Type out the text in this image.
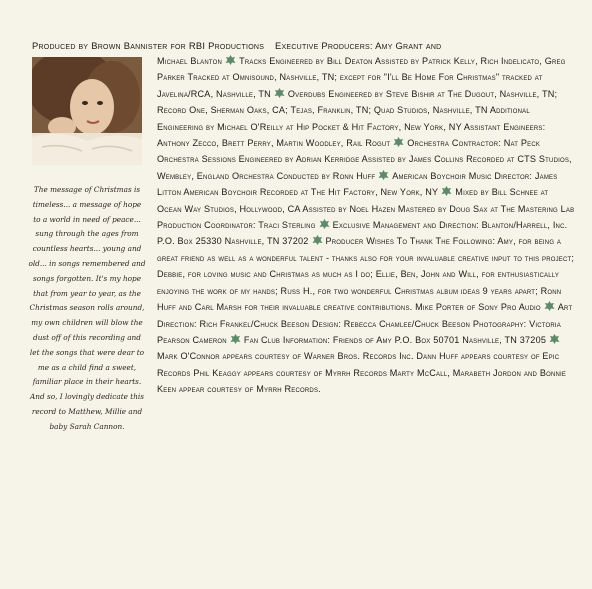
Produced by Brown Bannister for RBI Productions Executive Producers: Amy Grant and
The message of Christmas is timeless... a message of hope to a world in need of peace... sung through the ages from countless hearts... young and old... in songs remembered and songs forgotten. It's my hope that from year to year, as the Christmas season rolls around, my own children will blow the dust off of this recording and let the songs that were dear to me as a child find a sweet, familiar place in their hearts. And so, I lovingly dedicate this record to Matthew, Millie and baby Sarah Cannon.
Michael Blanton Tracks Engineered by Bill Deaton Assisted by Patrick Kelly, Rich Indelicato, Greg Parker Tracked at Omnisound, Nashville, TN; except for "I'll Be Home For Christmas" tracked at Javelina/RCA, Nashville, TN Overdubs Engineered by Steve Bishir at The Dugout, Nashville, TN; Record One, Sherman Oaks, CA; Tejas, Franklin, TN; Quad Studios, Nashville, TN Additional Engineering by Michael O'Reilly at Hip Pocket & Hit Factory, New York, NY Assistant Engineers: Anthony Zecco, Brett Perry, Martin Woodley, Rail Rogut Orchestra Contractor: Nat Peck Orchestra Sessions Engineered by Adrian Kerridge Assisted by James Collins Recorded at CTS Studios, Wembley, England Orchestra Conducted by Ronn Huff American Boychoir Music Director: James Litton American Boychoir Recorded at The Hit Factory, New York, NY Mixed by Bill Schnee at Ocean Way Studios, Hollywood, CA Assisted by Noel Hazen Mastered by Doug Sax at The Mastering Lab Production Coordinator: Traci Sterling Exclusive Management and Direction: Blanton/Harrell, Inc. P.O. Box 25330 Nashville, TN 37202 Producer Wishes To Thank The Following: Amy, for being a great friend as well as a wonderful talent - thanks also for your invaluable creative input to this project; Debbie, for loving music and Christmas as much as I do; Ellie, Ben, John and Will, for enthusiastically enjoying the work of my hands; Russ H., for two wonderful Christmas album ideas 9 years apart; Ronn Huff and Carl Marsh for their invaluable creative contributions. Mike Porter of Sony Pro Audio Art Direction: Rich Frankel/Chuck Beeson Design: Rebecca Chamlee/Chuck Beeson Photography: Victoria Pearson Cameron Fan Club Information: Friends of Amy P.O. Box 50701 Nashville, TN 37205Mark O'Connor appears courtesy of Warner Bros. Records Inc. Dann Huff appears courtesy of Epic Records Phil Keaggy appears courtesy of Myrrh Records Marty McCall, Marabeth Jordon and Bonnie Keen appear courtesy of Myrrh Records.
